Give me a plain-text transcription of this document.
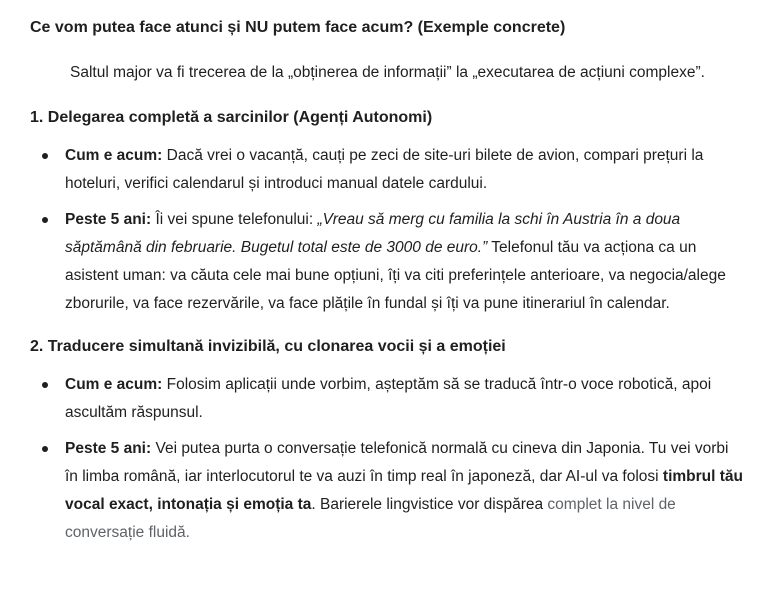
Ce vom putea face atunci și NU putem face acum? (Exemple concrete)
Saltul major va fi trecerea de la „obținerea de informații” la „executarea de acțiuni complexe”.
1. Delegarea completă a sarcinilor (Agenți Autonomi)
Cum e acum: Dacă vrei o vacanță, cauți pe zeci de site-uri bilete de avion, compari prețuri la hoteluri, verifici calendarul și introduci manual datele cardului.
Peste 5 ani: Îi vei spune telefonului: „Vreau să merg cu familia la schi în Austria în a doua săptămână din februarie. Bugetul total este de 3000 de euro.” Telefonul tău va acționa ca un asistent uman: va căuta cele mai bune opțiuni, îți va citi preferințele anterioare, va negocia/alege zborurile, va face rezervările, va face plățile în fundal și îți va pune itinerariul în calendar.
2. Traducere simultană invizibilă, cu clonarea vocii și a emoției
Cum e acum: Folosim aplicații unde vorbim, așteptăm să se traducă într-o voce robotică, apoi ascultăm răspunsul.
Peste 5 ani: Vei putea purta o conversație telefonică normală cu cineva din Japonia. Tu vei vorbi în limba română, iar interlocutorul te va auzi în timp real în japoneză, dar AI-ul va folosi timbrul tău vocal exact, intonația și emoția ta. Barierele lingvistice vor dispărea complet la nivel de conversație fluidă.
